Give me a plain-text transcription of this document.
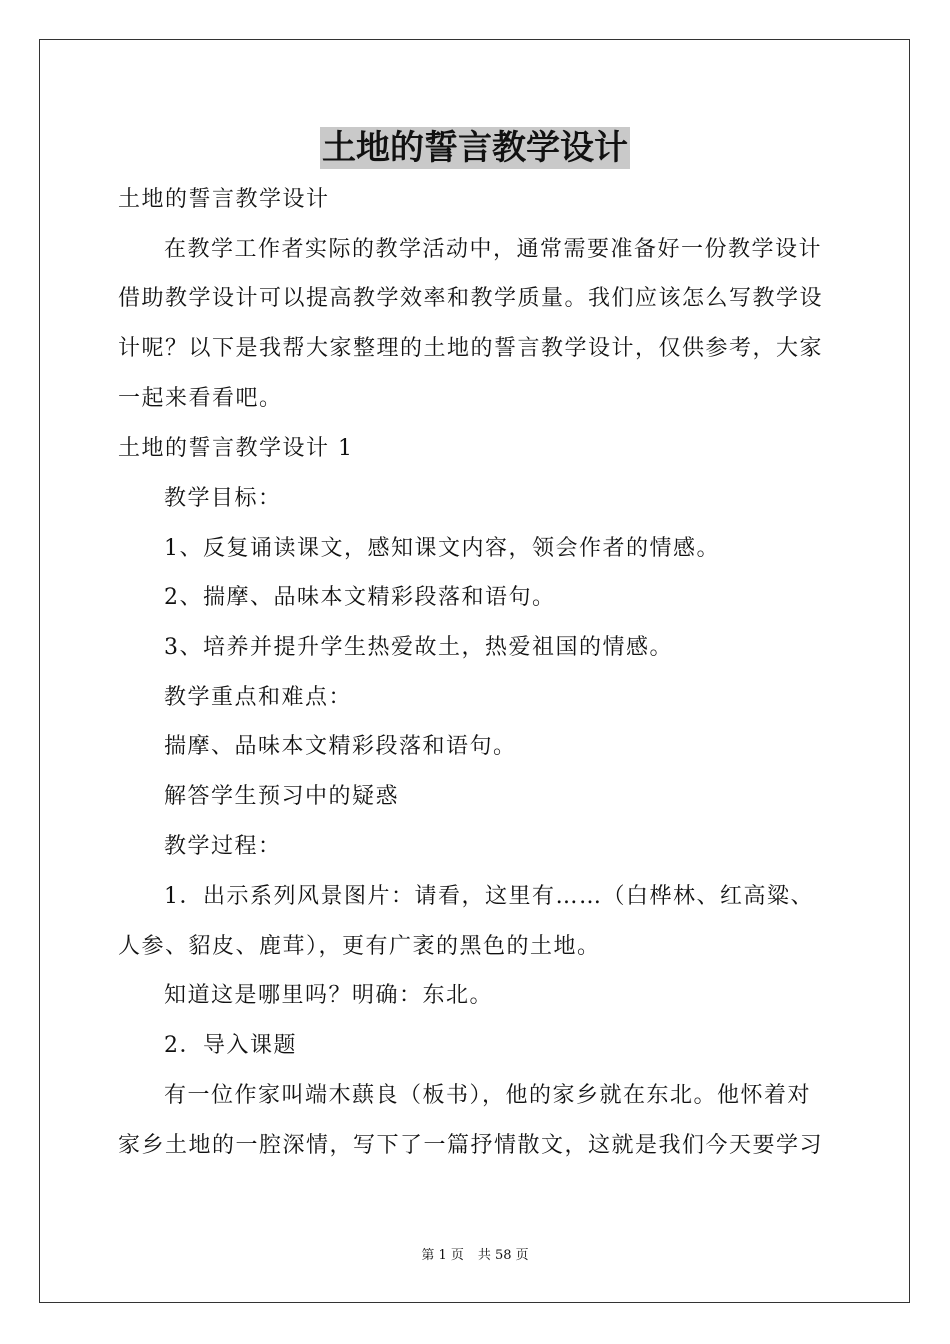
土地的誓言教学设计
土地的誓言教学设计
在教学工作者实际的教学活动中，通常需要准备好一份教学设计
借助教学设计可以提高教学效率和教学质量。我们应该怎么写教学设
计呢？以下是我帮大家整理的土地的誓言教学设计，仅供参考，大家
一起来看看吧。
土地的誓言教学设计 1
教学目标：
1、反复诵读课文，感知课文内容，领会作者的情感。
2、揣摩、品味本文精彩段落和语句。
3、培养并提升学生热爱故土，热爱祖国的情感。
教学重点和难点：
揣摩、品味本文精彩段落和语句。
解答学生预习中的疑惑
教学过程：
1．出示系列风景图片：请看，这里有……（白桦林、红高粱、
人参、貂皮、鹿茸），更有广袤的黑色的土地。
知道这是哪里吗？明确：东北。
2．导入课题
有一位作家叫端木蕻良（板书），他的家乡就在东北。他怀着对
家乡土地的一腔深情，写下了一篇抒情散文，这就是我们今天要学习
第 1 页 共 58 页
